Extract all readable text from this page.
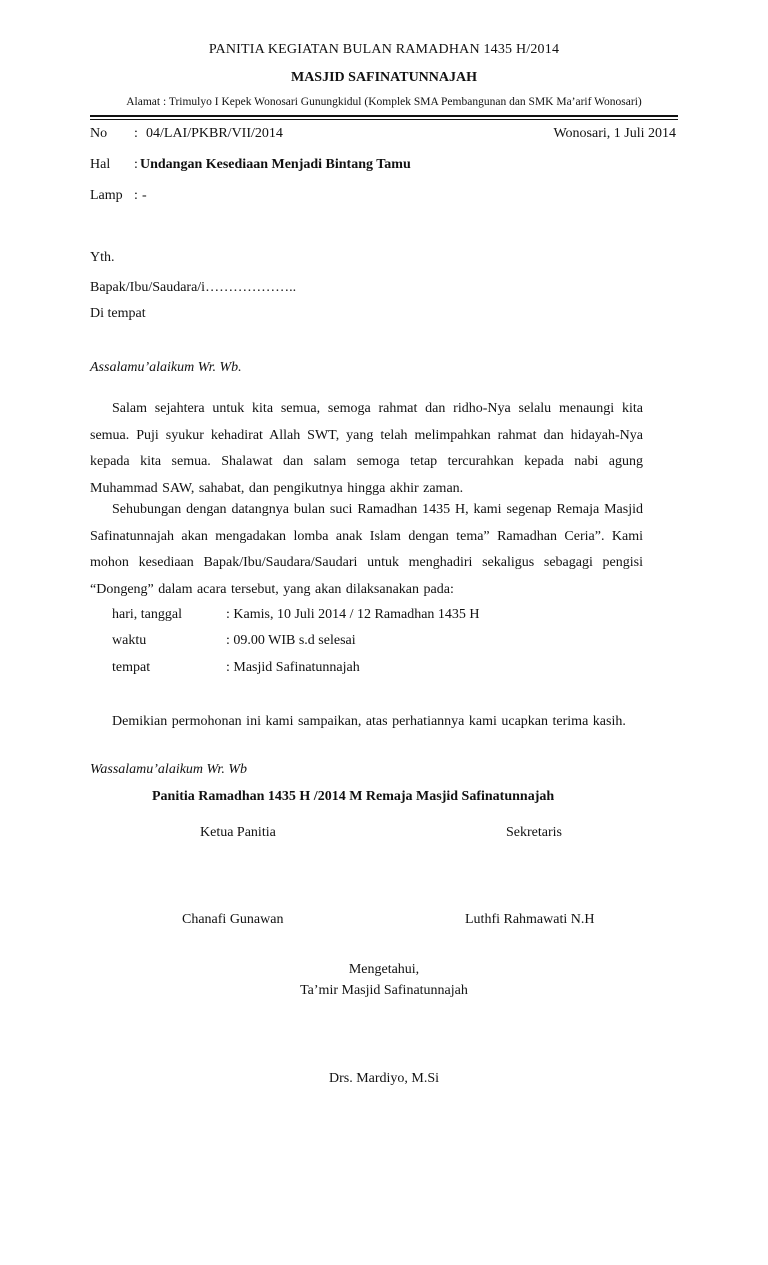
PANITIA KEGIATAN BULAN RAMADHAN 1435 H/2014
MASJID SAFINATUNNAJAH
Alamat : Trimulyo I Kepek Wonosari Gunungkidul (Komplek SMA Pembangunan dan SMK Ma’arif Wonosari)
No : 04/LAI/PKBR/VII/2014	Wonosari, 1 Juli 2014
Hal : Undangan Kesediaan Menjadi Bintang Tamu
Lamp : -
Yth.
Bapak/Ibu/Saudara/i………………..
Di tempat
Assalamu’alaikum Wr. Wb.
Salam sejahtera untuk kita semua, semoga rahmat dan ridho-Nya selalu menaungi kita semua. Puji syukur kehadirat Allah SWT, yang telah melimpahkan rahmat dan hidayah-Nya kepada kita semua. Shalawat dan salam semoga tetap tercurahkan kepada nabi agung Muhammad SAW, sahabat, dan pengikutnya hingga akhir zaman.
Sehubungan dengan datangnya bulan suci Ramadhan 1435 H, kami segenap Remaja Masjid Safinatunnajah akan mengadakan lomba anak Islam dengan tema” Ramadhan Ceria”. Kami mohon kesediaan Bapak/Ibu/Saudara/Saudari untuk menghadiri sekaligus sebagagi pengisi “Dongeng” dalam acara tersebut, yang akan dilaksanakan pada:
hari, tanggal	: Kamis, 10 Juli 2014 / 12 Ramadhan 1435 H
waktu	: 09.00 WIB s.d selesai
tempat	: Masjid Safinatunnajah
Demikian permohonan ini kami sampaikan, atas perhatiannya kami ucapkan terima kasih.
Wassalamu’alaikum Wr. Wb
Panitia Ramadhan 1435 H /2014 M Remaja Masjid Safinatunnajah
Ketua Panitia	Sekretaris
Chanafi Gunawan	Luthfi Rahmawati N.H
Mengetahui,
Ta’mir Masjid Safinatunnajah
Drs. Mardiyo, M.Si
